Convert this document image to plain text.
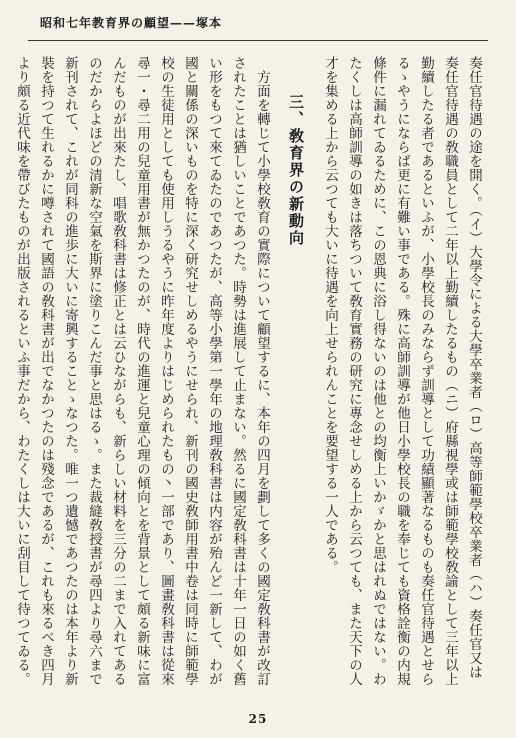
昭和七年教育界の顧望——塚本

奏任官待遇の途を開く。（イ）大學令による大學卒業者（ロ）高等師範學校卒業者（ハ）奏任官又は奏任官待遇の敎職員として二年以上勤續したるもの（ニ）府縣視學或は師範學校敎諭として三年以上勤續したる者であるといふが、小學校長のみならず訓導として功績顯著なるものも奏任官待遇とせらるゝやうにならば更に有難い事である。殊に高師訓導が他日小學校長の職を奉じても資格詮衡の内規條件に漏れてゐるために、この恩典に浴し得ないのは他との均衡上いかゞかと思はれぬではない。わたくしは高師訓導の如きは落ちついて敎育實務の研究に專念せしめる上から云つても、また天下の人才を集める上から云つても大いに待遇を向上せられんことを要望する一人である。

三、敎育界の新動向

方面を轉じて小學校敎育の實際について顧望するに、本年の四月を劃して多くの國定敎科書が改訂されたことは猶しいことであつた。時勢は進展して止まない。然るに國定敎科書は十年一日の如く舊い形をもつて來てゐたのであつたが、高等小學第一學年の地理敎科書は内容が殆んど一新して、わが國と關係の深いものを特に深く研究せしめるやうにせられ、新刊の國史敎師用書中卷は同時に師範學校の生徒用としても使用しうるやうに昨年度よりはじめられたもの丶一部であり、圖畫敎科書は從來尋一・尋二用の兒童用書が無かつたのが、時代の進運と兒童心理の傾向とを背景として頗る新味に富んだものが出來たし、唱歌敎科書は修正とは云ひながらも、新らしい材料を三分の二まで入れてあるのだからよほどの清新な空氣を斯界に塗りこんだ事と思はるゝ。また裁縫敎授書が尋四より尋六まで新刊されて、これが同科の進歩に大いに寄興することゝなつた。唯一つ遺憾であつたのは本年より新裝を持つて生れるかに噂されて國語の敎科書が出でなかつたのは殘念であるが、これも來るべき四月より頗る近代味を帶びたものが出版されるといふ事だから、わたくしは大いに刮目して待つてゐる。

25
